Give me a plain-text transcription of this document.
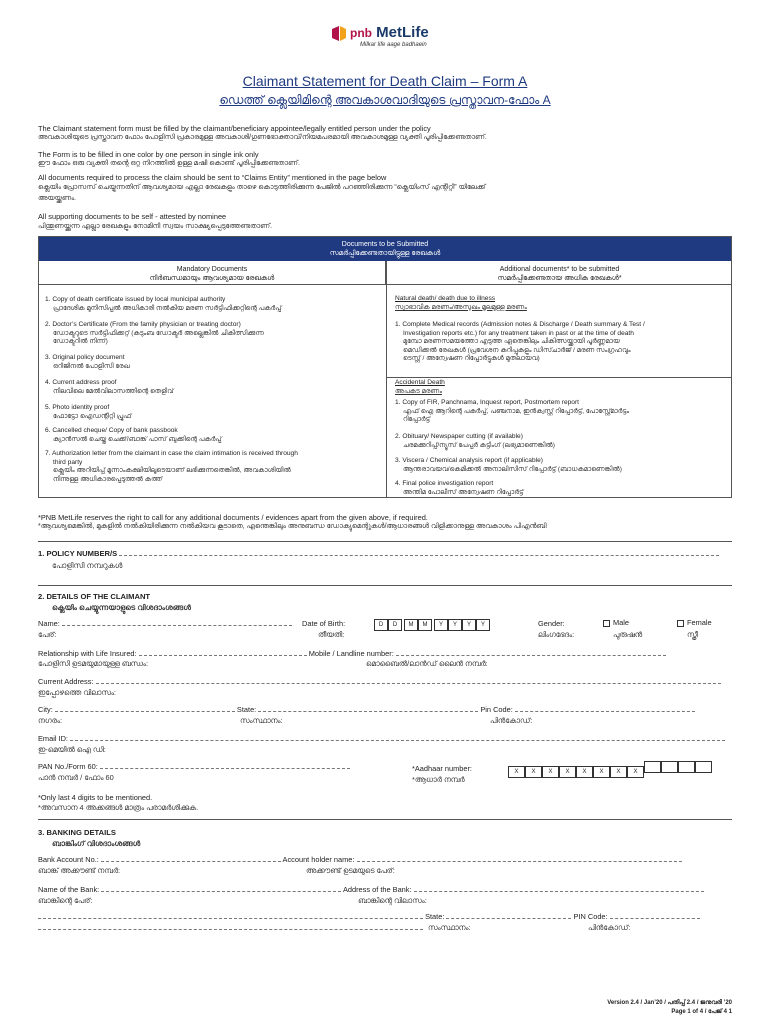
pnb MetLife
Milkar life aage badhaein
Claimant Statement for Death Claim – Form A
ഡെത്ത് ക്ലെയിമിന്റെ അവകാശവാദിയുടെ പ്രസ്താവന-ഫോം A
The Claimant statement form must be filled by the claimant/beneficiary appointee/legally entitled person under the policy
അവകാശിയുടെ പ്രസ്താവന ഫോം പോളിസി പ്രകാരമുള്ള അവകാശി/ഗുണഭോക്താവ്/നിയമപരമായി അവകാശമുള്ള വ്യക്തി പൂരിപ്പിക്കേണ്ടതാണ്.
The Form is to be filled in one color by one person in single ink only
ഈ ഫോം ഒരു വ്യക്തി തന്റെ ഒറ്റ നിറത്തിൽ ഉള്ള മഷി കൊണ്ട് പൂരിപ്പിക്കേണ്ടതാണ്.
All documents required to process the claim should be sent to “Claims Entity” mentioned in the page below
ക്ലെയിം പ്രോസസ് ചെയ്യുന്നതിന് ആവശ്യമായ എല്ലാ രേഖകളും താഴെ കൊടുത്തിരിക്കുന്ന പേജിൽ പറഞ്ഞിരിക്കുന്ന “ക്ലെയിംസ് എന്റിറ്റി” യിലേക്ക്
അയയ്ക്കണം.
All supporting documents to be self - attested by nominee
പിന്തുണയ്ക്കുന്ന എല്ലാ രേഖകളും നോമിനി സ്വയം സാക്ഷ്യപ്പെടുത്തേണ്ടതാണ്.
Documents to be Submitted
സമർപ്പിക്കേണ്ടതായിട്ടുള്ള രേഖകൾ
Mandatory Documents
നിർബന്ധമായും ആവശ്യമായ രേഖകൾ
Additional documents* to be submitted
സമർപ്പിക്കേണ്ടതായ അധിക രേഖകൾ*
1. Copy of death certificate issued by local municipal authority
പ്രാദേശിക മുനിസിപ്പൽ അധികാരി നൽകിയ മരണ സർട്ടിഫിക്കറ്റിന്റെ പകർപ്പ്
2. Doctor’s Certificate (From the family physician or treating doctor)
ഡോക്ടറുടെ സർട്ടിഫിക്കറ്റ് (കുടുംബ ഡോക്ടർ അല്ലെങ്കിൽ ചികിത്സിക്കുന്ന
ഡോക്ടറിൽ നിന്ന്)
3. Original policy document
ഒറിജിനൽ പോളിസി രേഖ
4. Current address proof
നിലവിലെ മേൽവിലാസത്തിന്റെ തെളിവ്
5. Photo identity proof
ഫോട്ടോ ഐഡന്റിറ്റി പ്രൂഫ്
6. Cancelled cheque/ Copy of bank passbook
ക്യാൻസൽ ചെയ്ത ചെക്ക്/ബാങ്ക് പാസ് ബുക്കിന്റെ പകർപ്പ്
7. Authorization letter from the claimant in case the claim intimation is received through
third party
ക്ലെയിം അറിയിപ്പ് മൂന്നാംകക്ഷിയിലൂടെയാണ് ലഭിക്കുന്നതെങ്കിൽ, അവകാശിയിൽ
നിന്നുള്ള അധികാരപ്പെടുത്തൽ കത്ത്
Natural death/ death due to illness
സ്വാഭാവിക മരണം/അസുഖം മൂലമുള്ള മരണം
1. Complete Medical records (Admission notes & Discharge / Death summary & Test /
Investigation reports etc.) for any treatment taken in past or at the time of death
മുമ്പോ മരണസമയത്തോ എടുത്ത ഏതെങ്കിലും ചികിത്സയ്ക്കായി പൂർണ്ണമായ
മെഡിക്കൽ രേഖകൾ (പ്രവേശന കുറിപ്പുകളും ഡിസ്ചാർജ് / മരണ സംഗ്രഹവും
ടെസ്റ്റ് / അന്വേഷണ റിപ്പോർട്ടുകൾ മുതലായവ)
Accidental Death
അപകട മരണം
1. Copy of FIR, Panchnama, Inquest report, Postmortem report
എഫ് ഐ ആറിന്റെ പകർപ്പ്, പഞ്ചനാമ, ഇൻക്വസ്റ്റ് റിപ്പോർട്ട്, പോസ്റ്റ്മോർട്ടം
റിപ്പോർട്ട്
2. Obituary/ Newspaper cutting (if available)
ചരമക്കുറിപ്പ്/ന്യൂസ് പേപ്പർ കട്ടിംഗ് (ലഭ്യമാണെങ്കിൽ)
3. Viscera / Chemical analysis report (if applicable)
ആന്തരാവയവ/കെമിക്കൽ അനാലിസിസ് റിപ്പോർട്ട് (ബാധകമാണെങ്കിൽ)
4. Final police investigation report
അന്തിമ പോലീസ് അന്വേഷണ റിപ്പോർട്ട്
*PNB MetLife reserves the right to call for any additional documents / evidences apart from the given above, if required.
*ആവശ്യമെങ്കിൽ, മുകളിൽ നൽകിയിരിക്കുന്ന നൽകിയവ കൂടാതെ, എന്തെങ്കിലും അനുബന്ധ ഡോക്യുമെന്റുകൾ/ആധാരങ്ങൾ വിളിക്കാനുള്ള അവകാശം പിഎൻബി
1. POLICY NUMBER/S
പോളിസി നമ്പറുകൾ
2. DETAILS OF THE CLAIMANT
ക്ലെയിം ചെയ്യുന്നയാളുടെ വിശദാംശങ്ങൾ
Name:
പേര്:
Date of Birth:
തീയതി:
D D M M Y Y Y Y	Gender:
ലിംഗഭേദം:
Male
പുരുഷൻ
Female
സ്ത്രീ
Relationship with Life Insured:	Mobile / Landline number:
പോളിസി ഉടമയുമായുള്ള ബന്ധം:	മൊബൈൽ/ലാൻഡ് ലൈൻ നമ്പർ:
Current Address:
ഇപ്പോഴത്തെ വിലാസം:
City:	State:	Pin Code:
നഗരം:	സംസ്ഥാനം:	പിൻകോഡ്:
Email ID:
ഇ-മെയിൽ ഐ ഡി:
PAN No./Form 60:
പാൻ നമ്പർ / ഫോം 60
*Aadhaar number:
*ആധാർ നമ്പർ
X X X X X X X X
*Only last 4 digits to be mentioned.
*അവസാന 4 അക്കങ്ങൾ മാത്രം പരാമർശിക്കുക.
3. BANKING DETAILS
ബാങ്കിംഗ് വിശദാംശങ്ങൾ
Bank Account No.:	Account holder name:
ബാങ്ക് അക്കൗണ്ട് നമ്പർ:	അക്കൗണ്ട് ഉടമയുടെ പേര്:
Name of the Bank:	Address of the Bank:
ബാങ്കിന്റെ പേര്:	ബാങ്കിന്റെ വിലാസം:
State:	PIN Code:
സംസ്ഥാനം:	പിൻകോഡ്:
Version 2.4 / Jan’20 / പതിപ്പ് 2.4 / ജനുവരി ’20
Page 1 of 4 / പേജ് 4 1
